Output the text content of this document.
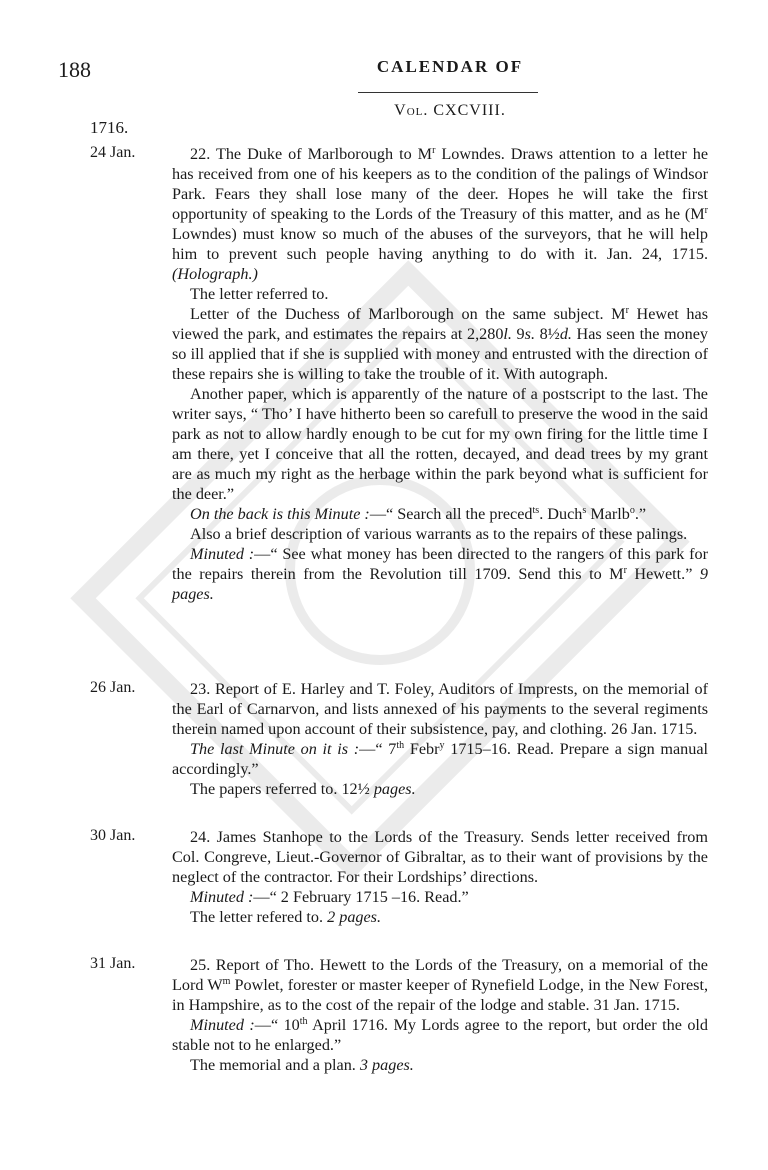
188	CALENDAR OF
Vol. CXCVIII.
1716.
24 Jan.	22. The Duke of Marlborough to $M^r$ Lowndes. Draws attention to a letter he has received from one of his keepers as to the condition of the palings of Windsor Park. Fears they shall lose many of the deer. Hopes he will take the first opportunity of speaking to the Lords of the Treasury of this matter, and as he ($M^r$ Lowndes) must know so much of the abuses of the surveyors, that he will help him to prevent such people having anything to do with it. Jan. 24, 1715. (Holograph.)

The letter referred to.

Letter of the Duchess of Marlborough on the same subject. $M^r$ Hewet has viewed the park, and estimates the repairs at 2,280l. 9s. 8½d. Has seen the money so ill applied that if she is supplied with money and entrusted with the direction of these repairs she is willing to take the trouble of it. With autograph.

Another paper, which is apparently of the nature of a postscript to the last. The writer says, “ Tho’ I have hitherto been so carefull to preserve the wood in the said park as not to allow hardly enough to be cut for my own firing for the little time I am there, yet I conceive that all the rotten, decayed, and dead trees by my grant are as much my right as the herbage within the park beyond what is sufficient for the deer.”

On the back is this Minute :—“ Search all the preced$^{ts}$. Duch$^s$ Marlb$^o$.”

Also a brief description of various warrants as to the repairs of these palings.

Minuted :—“ See what money has been directed to the rangers of this park for the repairs therein from the Revolution till 1709. Send this to $M^r$ Hewett.” 9 pages.

26 Jan.	23. Report of E. Harley and T. Foley, Auditors of Imprests, on the memorial of the Earl of Carnarvon, and lists annexed of his payments to the several regiments therein named upon account of their subsistence, pay, and clothing. 26 Jan. 1715.

The last Minute on it is :—“ 7th Febr$^y$ 1715–16. Read. Prepare a sign manual accordingly.”

The papers referred to. 12½ pages.

30 Jan.	24. James Stanhope to the Lords of the Treasury. Sends letter received from Col. Congreve, Lieut.-Governor of Gibraltar, as to their want of provisions by the neglect of the contractor. For their Lordships’ directions.

Minuted :—“ 2 February 1715 –16. Read.”

The letter refered to. 2 pages.

31 Jan.	25. Report of Tho. Hewett to the Lords of the Treasury, on a memorial of the Lord $W^m$ Powlet, forester or master keeper of Rynefield Lodge, in the New Forest, in Hampshire, as to the cost of the repair of the lodge and stable. 31 Jan. 1715.

Minuted :—“ 10th April 1716. My Lords agree to the report, but order the old stable not to he enlarged.”

The memorial and a plan. 3 pages.
